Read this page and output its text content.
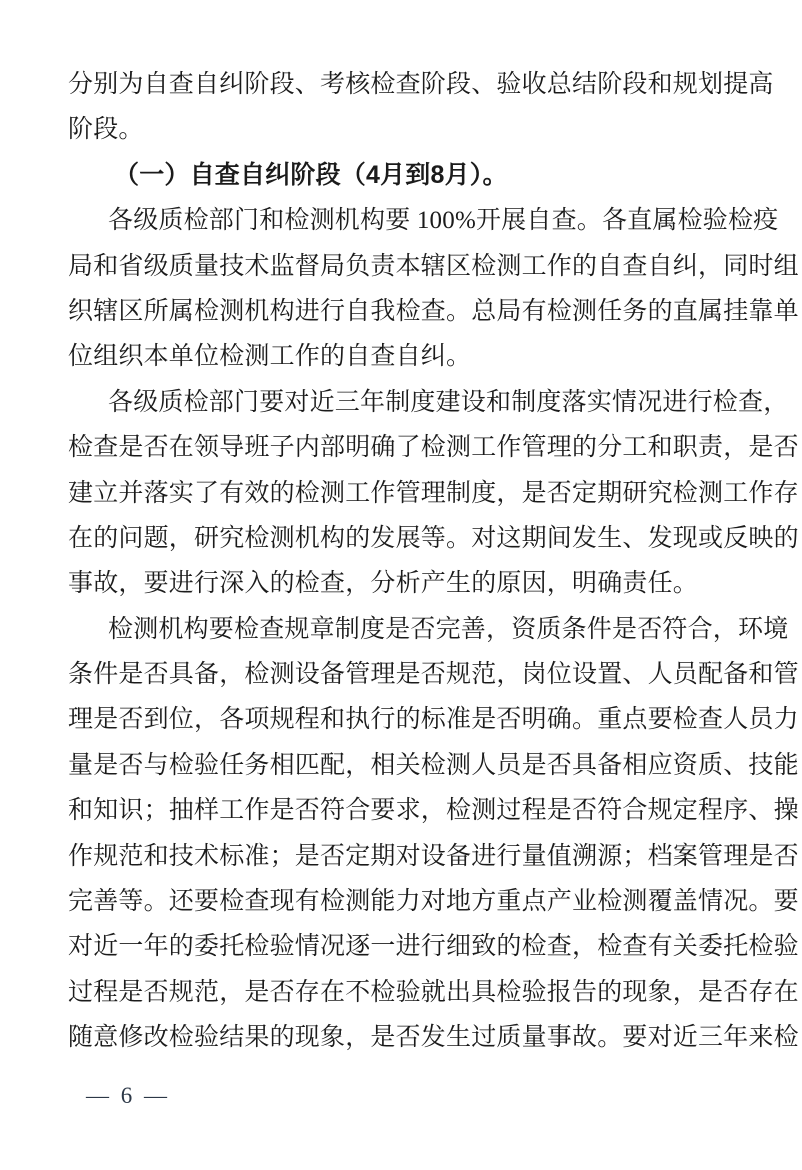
分别为自查自纠阶段、考核检查阶段、验收总结阶段和规划提高
阶段。
（一）自查自纠阶段（4月到8月）。
各级质检部门和检测机构要 100%开展自查。各直属检验检疫
局和省级质量技术监督局负责本辖区检测工作的自查自纠，同时组
织辖区所属检测机构进行自我检查。总局有检测任务的直属挂靠单
位组织本单位检测工作的自查自纠。
各级质检部门要对近三年制度建设和制度落实情况进行检查，
检查是否在领导班子内部明确了检测工作管理的分工和职责，是否
建立并落实了有效的检测工作管理制度，是否定期研究检测工作存
在的问题，研究检测机构的发展等。对这期间发生、发现或反映的
事故，要进行深入的检查，分析产生的原因，明确责任。
检测机构要检查规章制度是否完善，资质条件是否符合，环境
条件是否具备，检测设备管理是否规范，岗位设置、人员配备和管
理是否到位，各项规程和执行的标准是否明确。重点要检查人员力
量是否与检验任务相匹配，相关检测人员是否具备相应资质、技能
和知识；抽样工作是否符合要求，检测过程是否符合规定程序、操
作规范和技术标准；是否定期对设备进行量值溯源；档案管理是否
完善等。还要检查现有检测能力对地方重点产业检测覆盖情况。要
对近一年的委托检验情况逐一进行细致的检查，检查有关委托检验
过程是否规范，是否存在不检验就出具检验报告的现象，是否存在
随意修改检验结果的现象，是否发生过质量事故。要对近三年来检
— 6 —
